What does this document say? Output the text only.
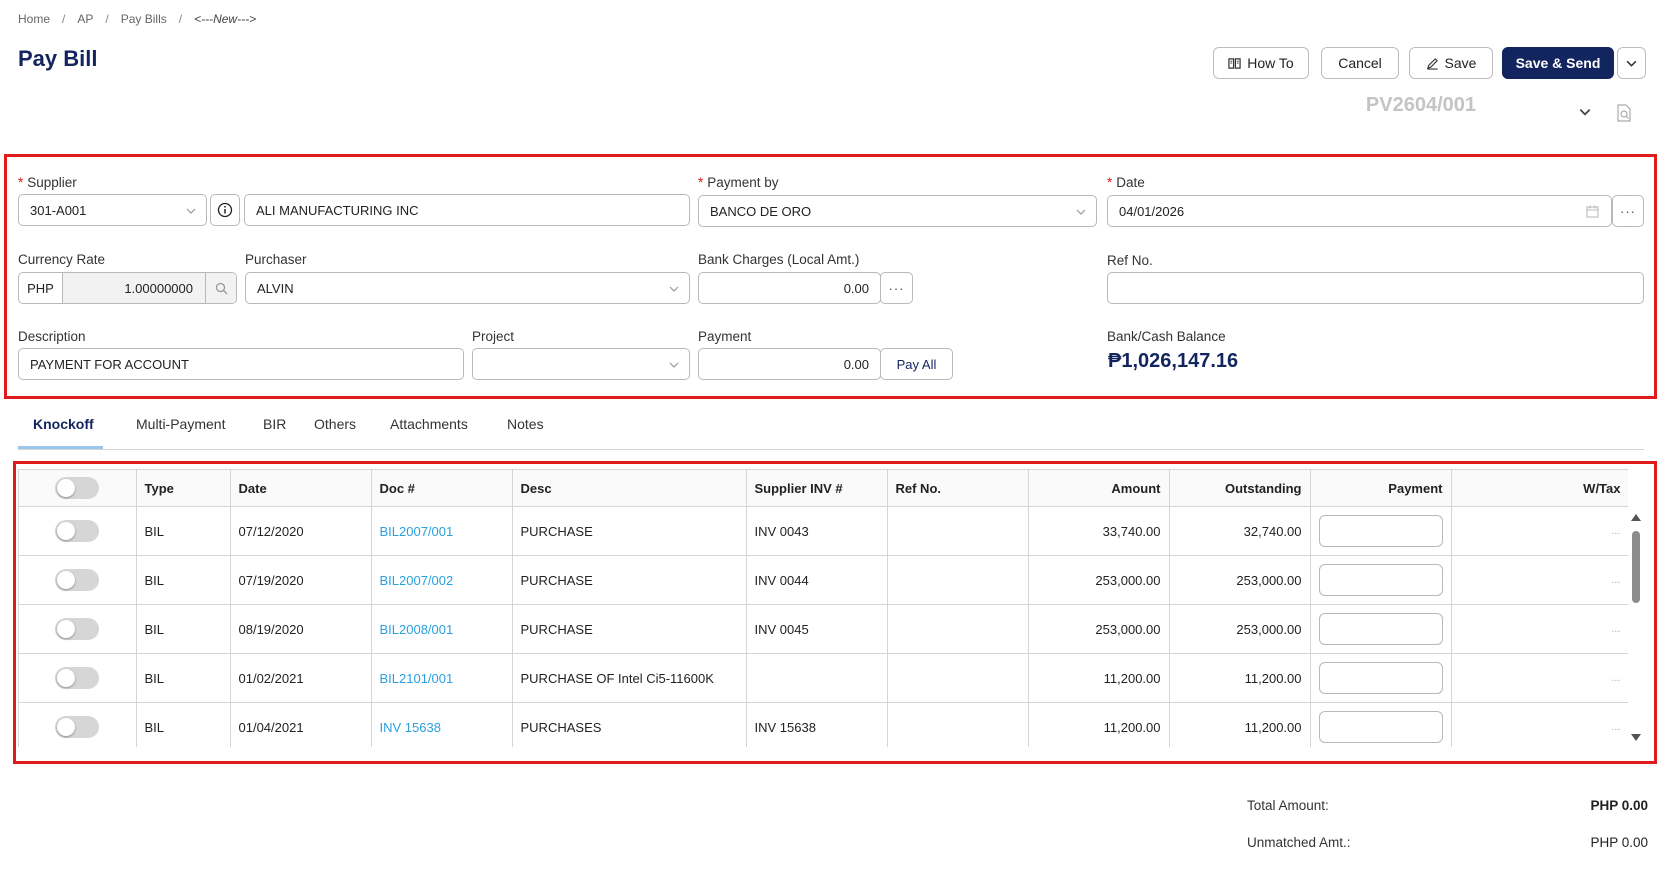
Home / AP / Pay Bills / <---New--->
Pay Bill	How To	Cancel	Save	Save & Send
PV2604/001
* Supplier
301-A001	ALI MANUFACTURING INC
* Payment by
BANCO DE ORO
* Date
04/01/2026	···
Currency Rate
PHP	1.00000000
Purchaser
ALVIN
Bank Charges (Local Amt.)
0.00 ···
Ref No.
Description
PAYMENT FOR ACCOUNT
Project	Payment
0.00 Pay All
Bank/Cash Balance
₱1,026,147.16
Knockoff	Multi-Payment	BIR	Others	Attachments	Notes
	Type	Date	Doc #	Desc	Supplier INV #	Ref No.	Amount	Outstanding	Payment	W/Tax
	BIL	07/12/2020	BIL2007/001	PURCHASE	INV 0043		33,740.00	32,740.00		...
	BIL	07/19/2020	BIL2007/002	PURCHASE	INV 0044		253,000.00	253,000.00		...
	BIL	08/19/2020	BIL2008/001	PURCHASE	INV 0045		253,000.00	253,000.00		...
	BIL	01/02/2021	BIL2101/001	PURCHASE OF Intel Ci5-11600K			11,200.00	11,200.00		...
	BIL	01/04/2021	INV 15638	PURCHASES	INV 15638		11,200.00	11,200.00		...
Total Amount:	PHP 0.00
Unmatched Amt.:	PHP 0.00
